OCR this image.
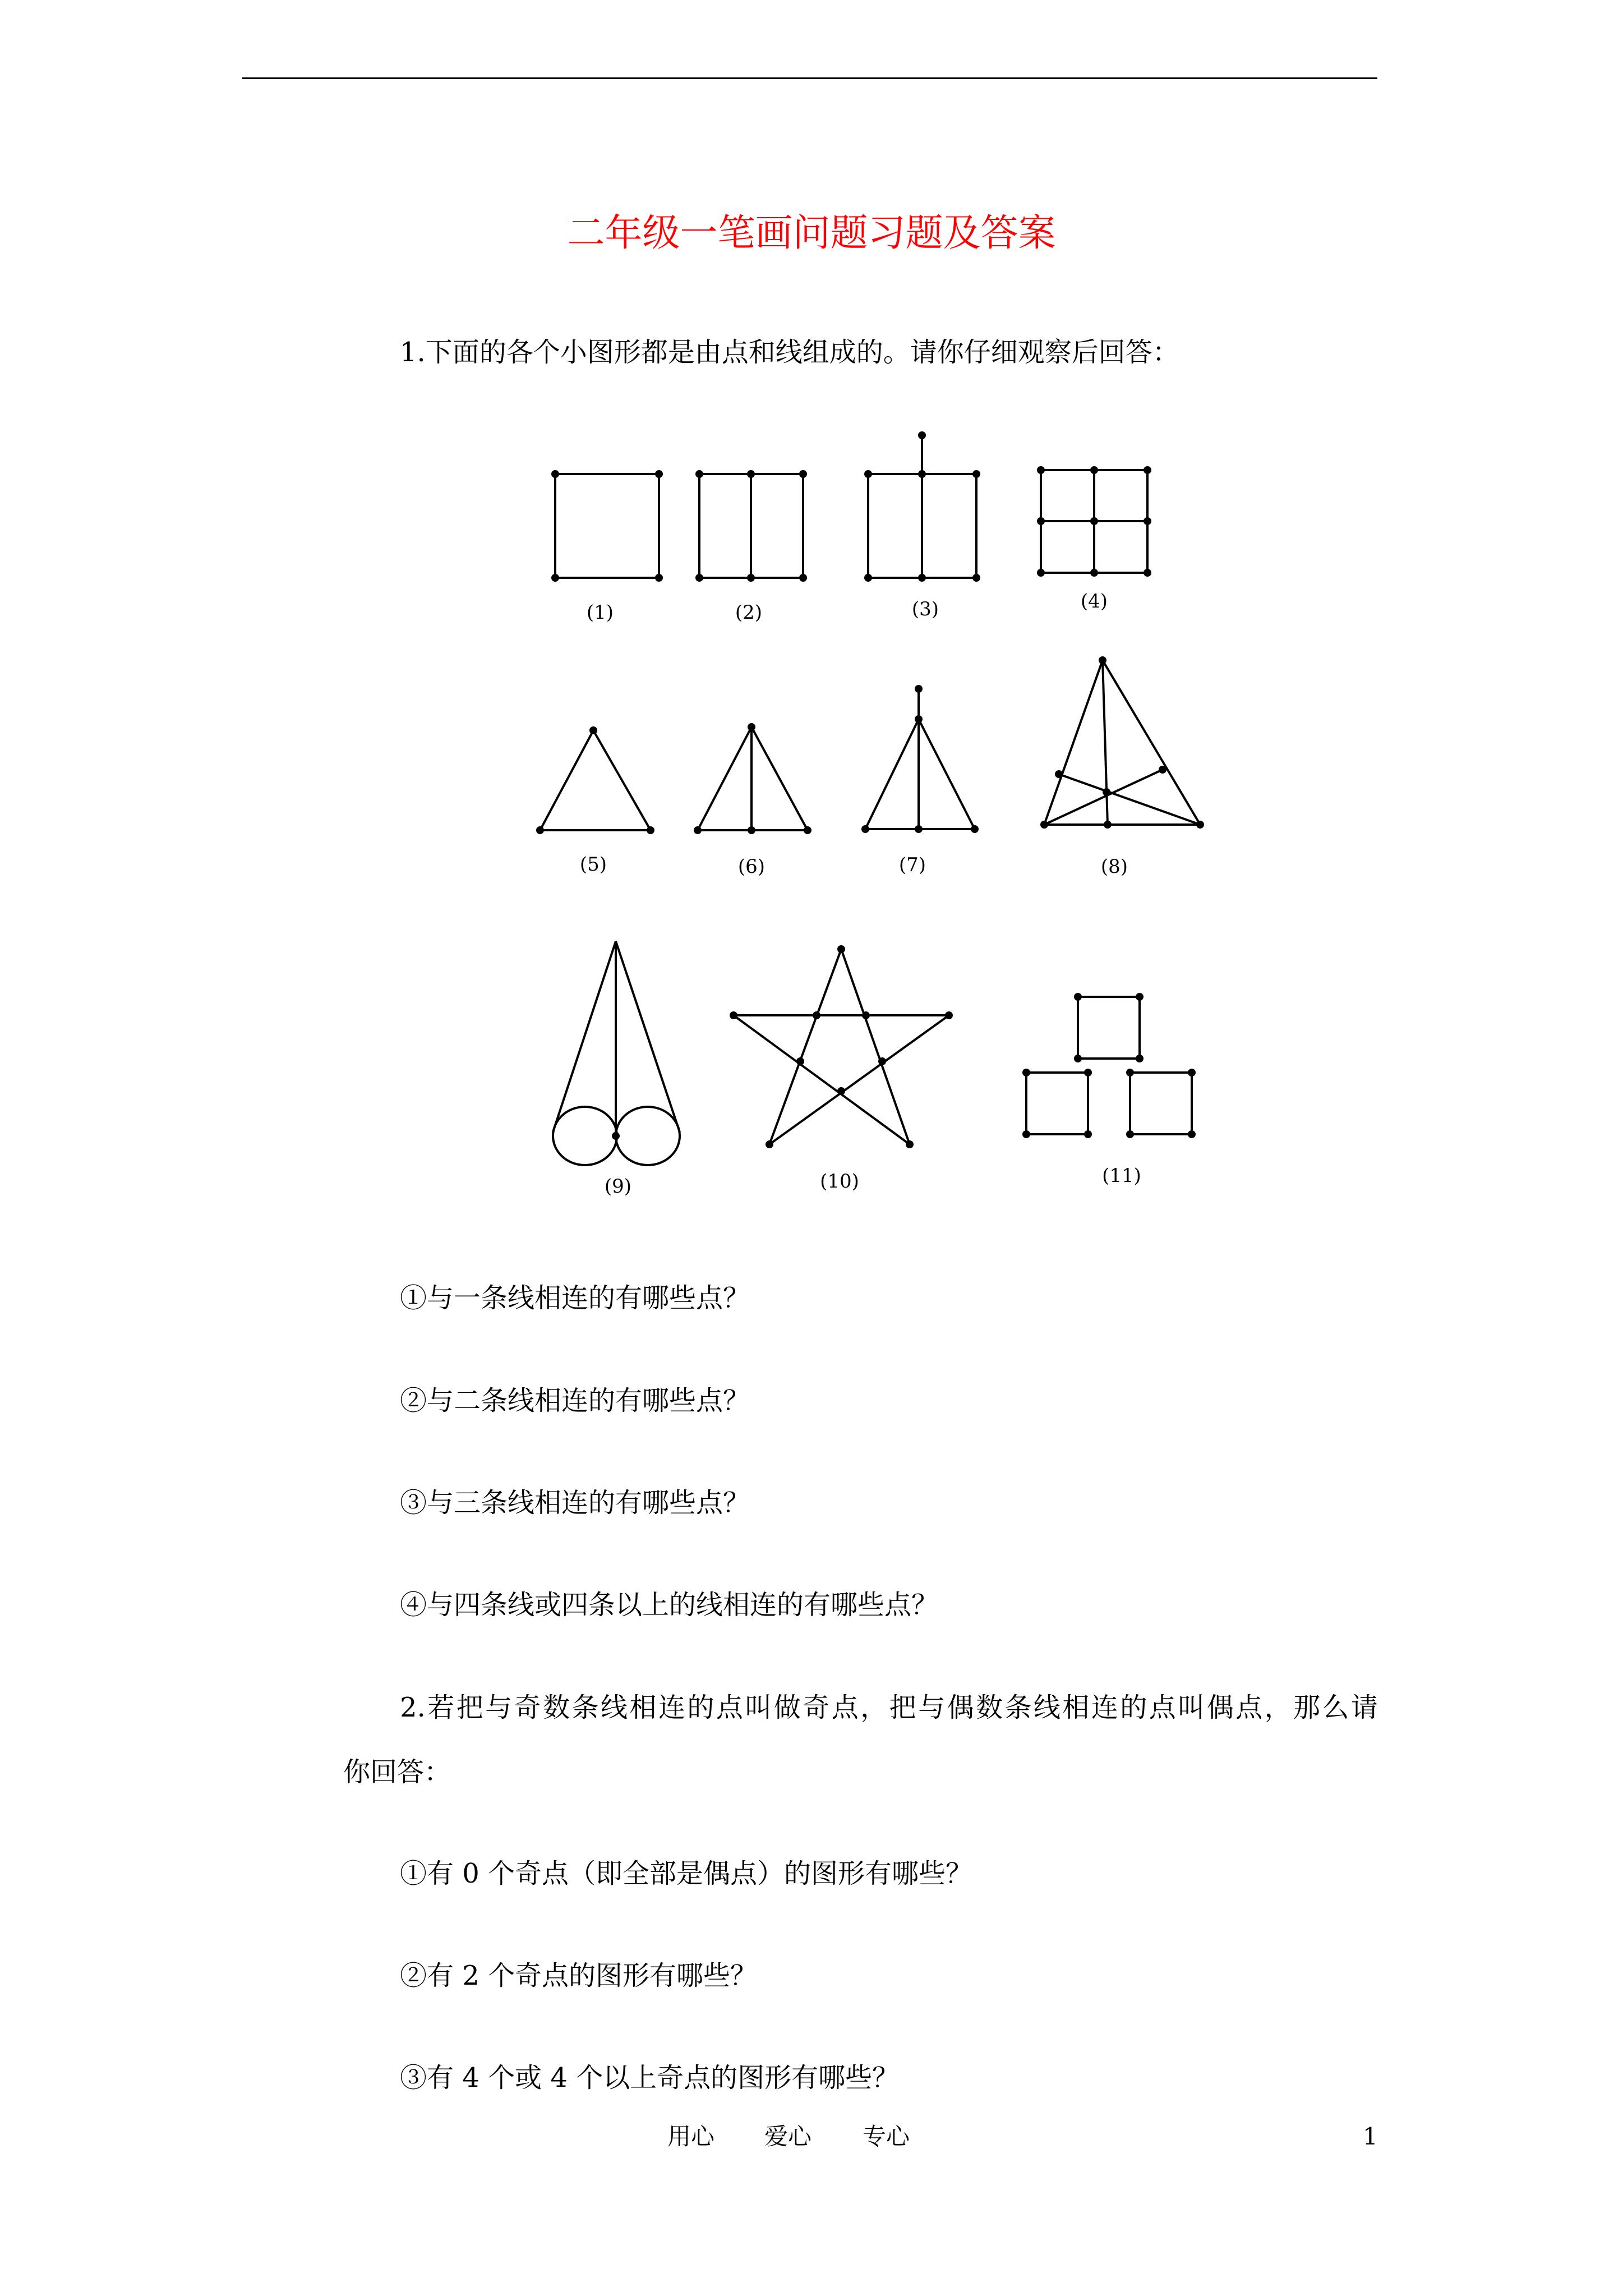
二年级一笔画问题习题及答案
1.下面的各个小图形都是由点和线组成的。请你仔细观察后回答：
(1)	(2)	(3)	(4)
(5)	(6)	(7)	(8)
(9)	(10)	(11)
①与一条线相连的有哪些点？
②与二条线相连的有哪些点？
③与三条线相连的有哪些点？
④与四条线或四条以上的线相连的有哪些点？
2.若把与奇数条线相连的点叫做奇点，把与偶数条线相连的点叫偶点，那么请
你回答：
①有 0 个奇点（即全部是偶点）的图形有哪些？
②有 2 个奇点的图形有哪些？
③有 4 个或 4 个以上奇点的图形有哪些？
用心 爱心 专心	1
